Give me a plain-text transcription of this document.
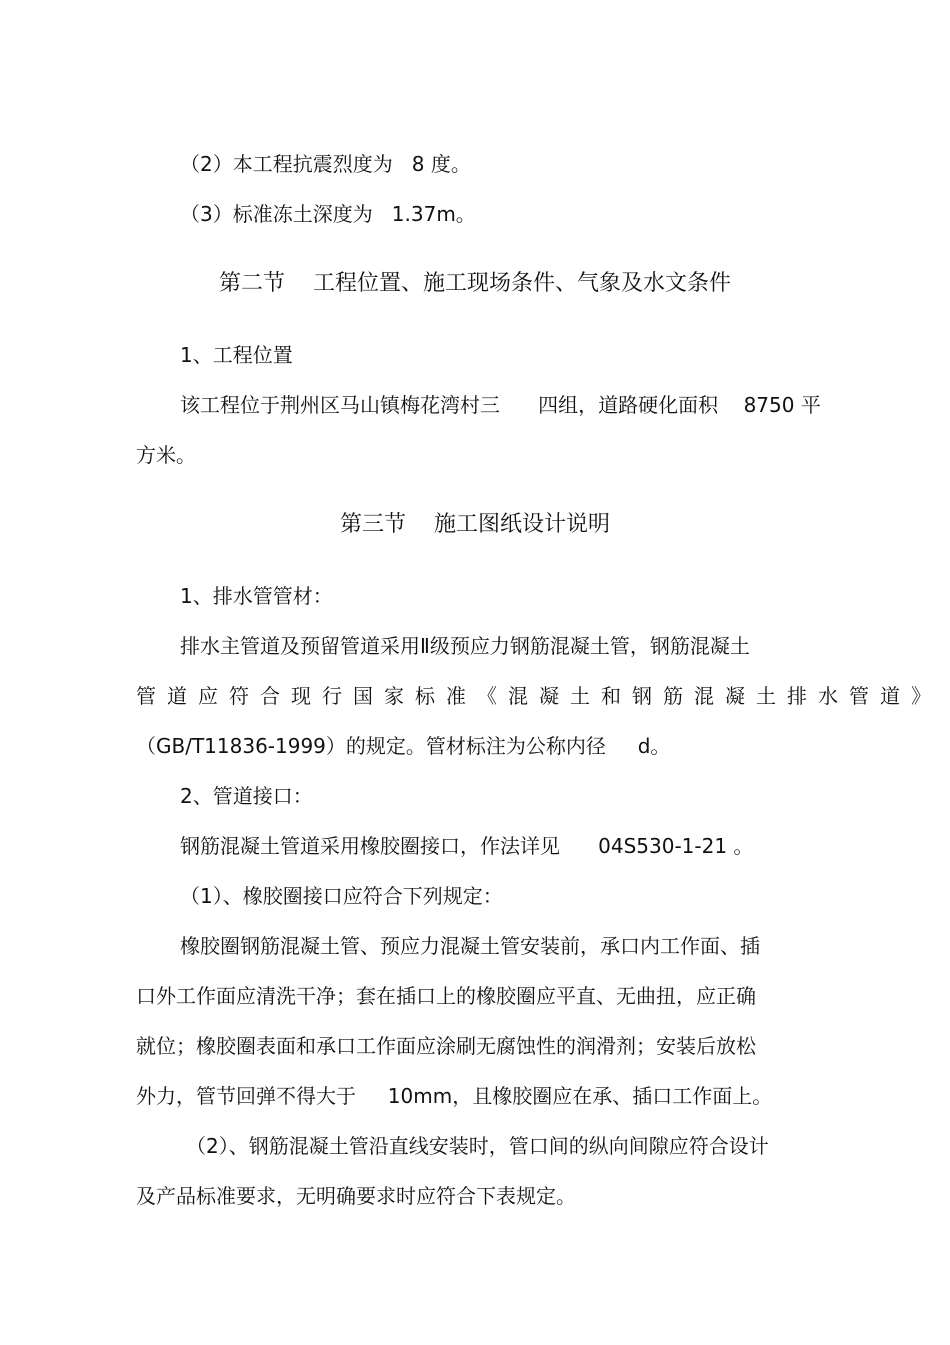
（2）本工程抗震烈度为   8 度。

（3）标准冻土深度为   1.37m。

第二节    工程位置、施工现场条件、气象及水文条件

1、工程位置

该工程位于荆州区马山镇梅花湾村三      四组，道路硬化面积    8750 平

方米。

第三节    施工图纸设计说明

1、排水管管材：

排水主管道及预留管道采用Ⅱ级预应力钢筋混凝土管，钢筋混凝土

管道应符合现行国家标准《混凝土和钢筋混凝土排水管道》

（GB/T11836-1999）的规定。管材标注为公称内径     d。

2、管道接口：

钢筋混凝土管道采用橡胶圈接口，作法详见      04S530-1-21 。

（1）、橡胶圈接口应符合下列规定：

橡胶圈钢筋混凝土管、预应力混凝土管安装前，承口内工作面、插

口外工作面应清洗干净；套在插口上的橡胶圈应平直、无曲扭，应正确

就位；橡胶圈表面和承口工作面应涂刷无腐蚀性的润滑剂；安装后放松

外力，管节回弹不得大于     10mm，且橡胶圈应在承、插口工作面上。

（2）、钢筋混凝土管沿直线安装时，管口间的纵向间隙应符合设计

及产品标准要求，无明确要求时应符合下表规定。
